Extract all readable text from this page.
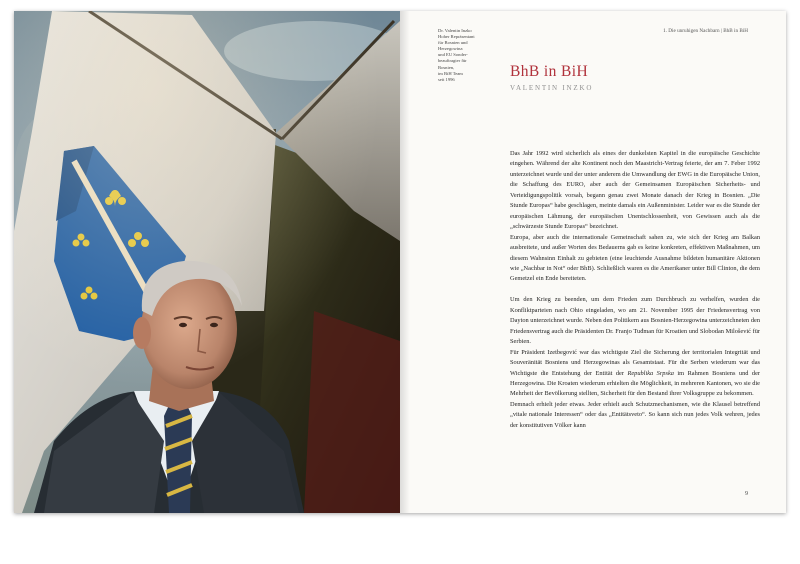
Dr. Valentin Inzko
Hoher Repräsentant
für Bosnien und
Herzegowina
und EU Sonder-
beauftragter für
Bosnien,
im BiH Team
seit 1996
1. Die unruhigen Nachbarn | BhB in BiH
BhB in BiH
VALENTIN INZKO

Das Jahr 1992 wird sicherlich als eines der dunkelsten Kapitel in die europäische Geschichte eingehen. Während der alte Kontinent noch den Maastricht-Vertrag feierte, der am 7. Feber 1992 unterzeichnet wurde und der unter anderem die Umwandlung der EWG in die Europäische Union, die Schaffung des EURO, aber auch der Gemeinsamen Europäischen Sicherheits- und Verteidigungspolitik vorsah, begann genau zwei Monate danach der Krieg in Bosnien. „Die Stunde Europas“ habe geschlagen, meinte damals ein Außenminister. Leider war es die Stunde der europäischen Lähmung, der europäischen Unentschlossenheit, von Gewissen auch als die „schwärzeste Stunde Europas“ bezeichnet.

Europa, aber auch die internationale Gemeinschaft sahen zu, wie sich der Krieg am Balkan ausbreitete, und außer Worten des Bedauerns gab es keine konkreten, effektiven Maßnahmen, um diesem Wahnsinn Einhalt zu gebieten (eine leuchtende Ausnahme bildeten humanitäre Aktionen wie „Nachbar in Not“ oder BhB). Schließlich waren es die Amerikaner unter Bill Clinton, die dem Gemetzel ein Ende bereiteten.

Um den Krieg zu beenden, um dem Frieden zum Durchbruch zu verhelfen, wurden die Konfliktparteien nach Ohio eingeladen, wo am 21. November 1995 der Friedensvertrag von Dayton unterzeichnet wurde. Neben den Politikern aus Bosnien-Herzegowina unterzeichneten den Friedensvertrag auch die Präsidenten Dr. Franjo Tuđman für Kroatien und Slobodan Milošević für Serbien.

Für Präsident Izetbegović war das wichtigste Ziel die Sicherung der territorialen Integrität und Souveränität Bosniens und Herzegowinas als Gesamtstaat. Für die Serben wiederum war das Wichtigste die Entstehung der Entität der Republika Srpska im Rahmen Bosniens und der Herzegowina. Die Kroaten wiederum erhielten die Möglichkeit, in mehreren Kantonen, wo sie die Mehrheit der Bevölkerung stellten, Sicherheit für den Bestand ihrer Volksgruppe zu bekommen.

Demnach erhielt jeder etwas. Jeder erhielt auch Schutzmechanismen, wie die Klausel betreffend „vitale nationale Interessen“ oder das „Entitätsveto“. So kann sich nun jedes Volk wehren, jedes der konstitutiven Völker kann

9
